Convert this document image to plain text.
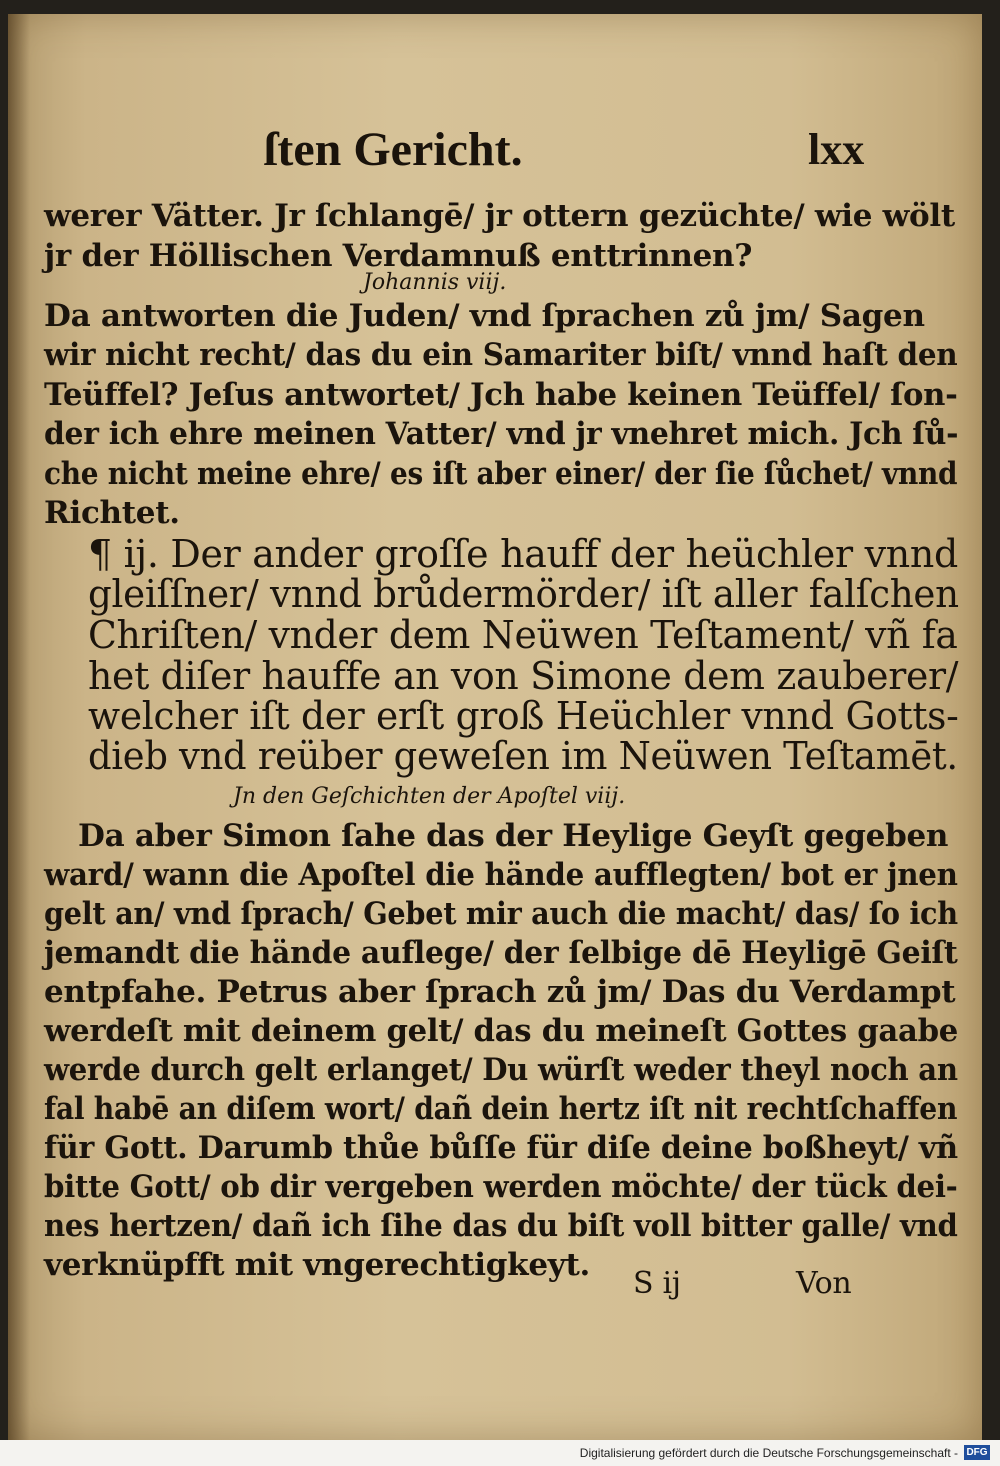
ſten Gericht.	lxx
werer Vätter. Jr ſchlangē/ jr ottern gezüchte/ wie wölt
jr der Höllischen Verdamnuß enttrinnen?
Johannis viij.
Da antworten die Juden/ vnd ſprachen zů jm/ Sagen
wir nicht recht/ das du ein Samariter biſt/ vnnd haſt den
Teüffel? Jeſus antwortet/ Jch habe keinen Teüffel/ ſon-
der ich ehre meinen Vatter/ vnd jr vnehret mich. Jch ſů-
che nicht meine ehre/ es iſt aber einer/ der ſie ſůchet/ vnnd
Richtet.
¶ ij. Der ander groſſe hauff der heüchler vnnd
gleiſſner/ vnnd brůdermörder/ iſt aller falſchen
Chriſten/ vnder dem Neüwen Teſtament/ vñ fa
het diſer hauffe an von Simone dem zauberer/
welcher iſt der erſt groß Heüchler vnnd Gotts-
dieb vnd reüber geweſen im Neüwen Teſtamēt.
Jn den Geſchichten der Apoſtel viij.
Da aber Simon ſahe das der Heylige Geyſt gegeben
ward/ wann die Apoſtel die hände aufflegten/ bot er jnen
gelt an/ vnd ſprach/ Gebet mir auch die macht/ das/ ſo ich
jemandt die hände auflege/ der ſelbige dē Heyligē Geiſt
entpfahe. Petrus aber ſprach zů jm/ Das du Verdampt
werdeſt mit deinem gelt/ das du meineſt Gottes gaabe
werde durch gelt erlanget/ Du würſt weder theyl noch an
fal habē an diſem wort/ dañ dein hertz iſt nit rechtſchaffen
für Gott. Darumb thůe bůſſe für diſe deine boßheyt/ vñ
bitte Gott/ ob dir vergeben werden möchte/ der tück dei-
nes hertzen/ dañ ich ſihe das du biſt voll bitter galle/ vnd
verknüpfft mit vngerechtigkeyt.
S ij	Von
Digitalisierung gefördert durch die Deutsche Forschungsgemeinschaft - DFG
